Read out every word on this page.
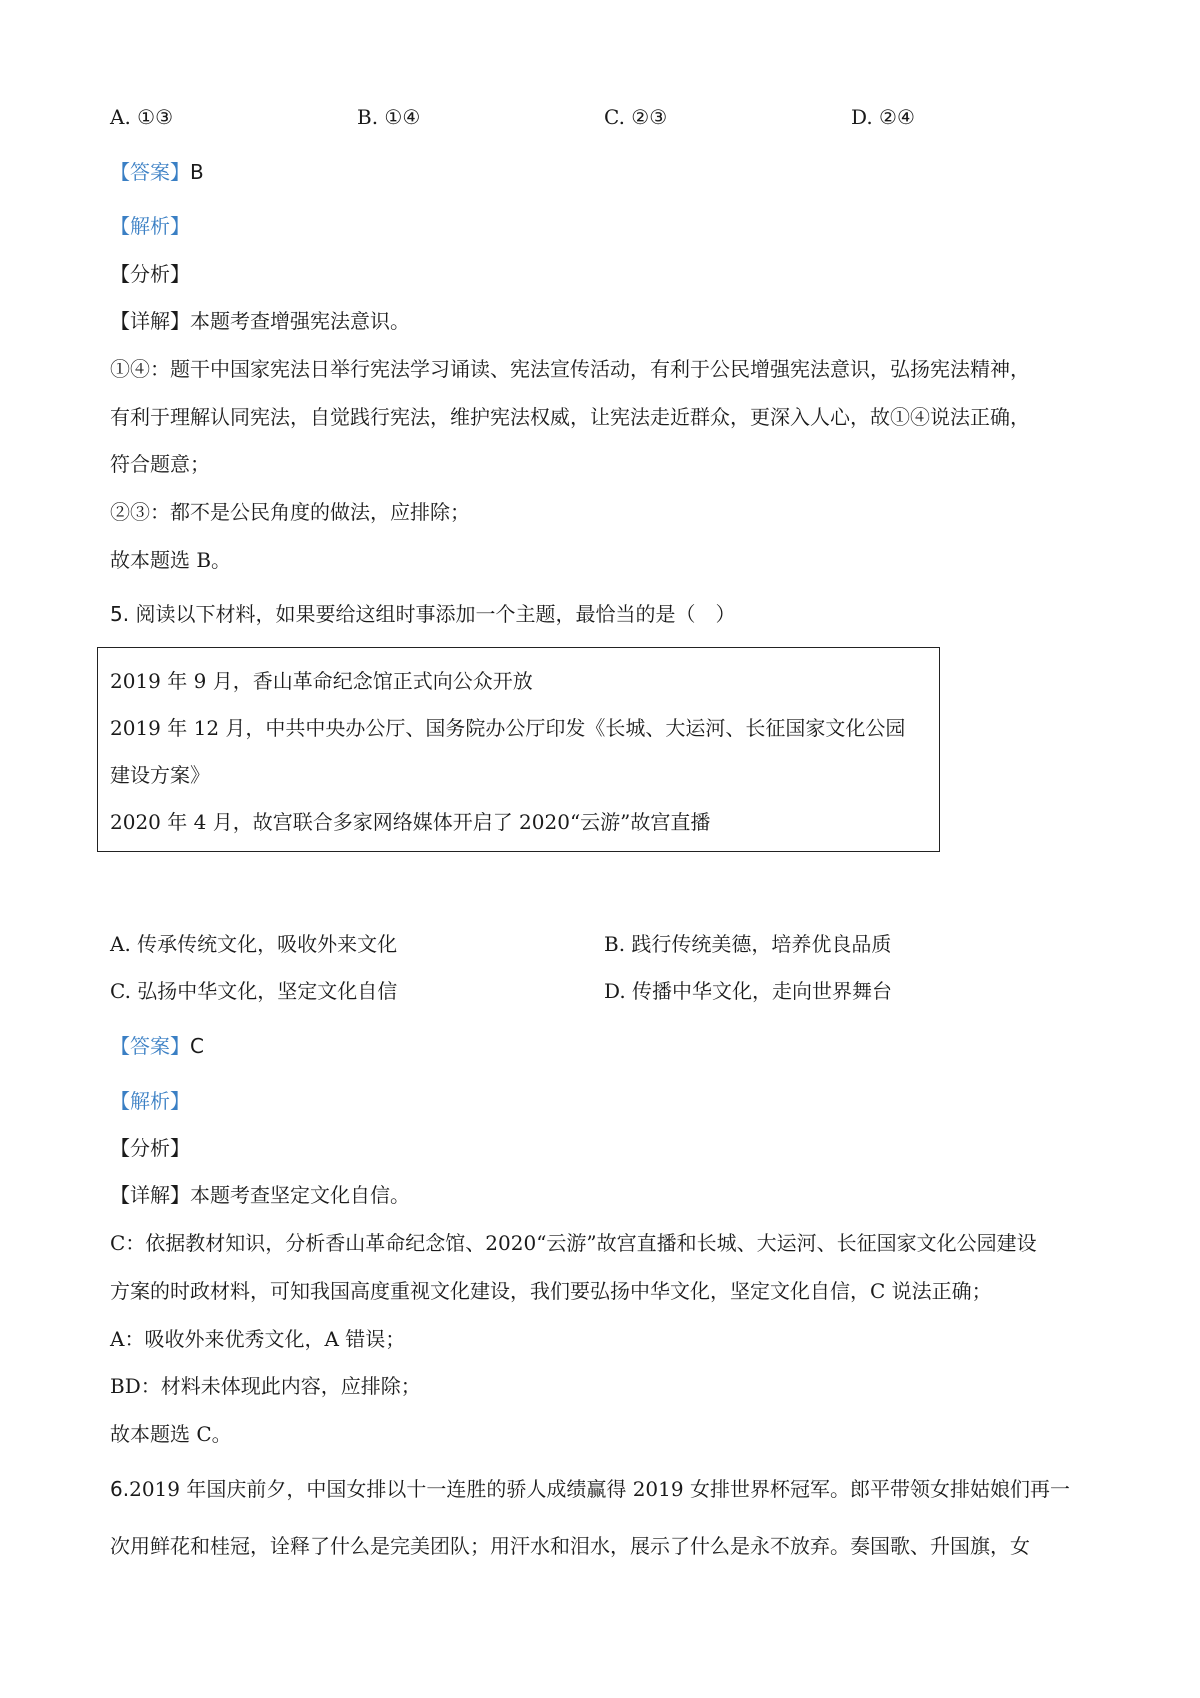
A. ①③	B. ①④	C. ②③	D. ②④
【答案】B
【解析】
【分析】
【详解】本题考查增强宪法意识。
①④：题干中国家宪法日举行宪法学习诵读、宪法宣传活动，有利于公民增强宪法意识，弘扬宪法精神，
有利于理解认同宪法，自觉践行宪法，维护宪法权威，让宪法走近群众，更深入人心，故①④说法正确，
符合题意；
②③：都不是公民角度的做法，应排除；
故本题选 B。
5. 阅读以下材料，如果要给这组时事添加一个主题，最恰当的是（　）
2019 年 9 月，香山革命纪念馆正式向公众开放
2019 年 12 月，中共中央办公厅、国务院办公厅印发《长城、大运河、长征国家文化公园
建设方案》
2020 年 4 月，故宫联合多家网络媒体开启了 2020“云游”故宫直播
A. 传承传统文化，吸收外来文化	B. 践行传统美德，培养优良品质
C. 弘扬中华文化，坚定文化自信	D. 传播中华文化，走向世界舞台
【答案】C
【解析】
【分析】
【详解】本题考查坚定文化自信。
C：依据教材知识，分析香山革命纪念馆、2020“云游”故宫直播和长城、大运河、长征国家文化公园建设
方案的时政材料，可知我国高度重视文化建设，我们要弘扬中华文化，坚定文化自信，C 说法正确；
A：吸收外来优秀文化，A 错误；
BD：材料未体现此内容，应排除；
故本题选 C。
6.2019 年国庆前夕，中国女排以十一连胜的骄人成绩赢得 2019 女排世界杯冠军。郎平带领女排姑娘们再一
次用鲜花和桂冠，诠释了什么是完美团队；用汗水和泪水，展示了什么是永不放弃。奏国歌、升国旗，女
